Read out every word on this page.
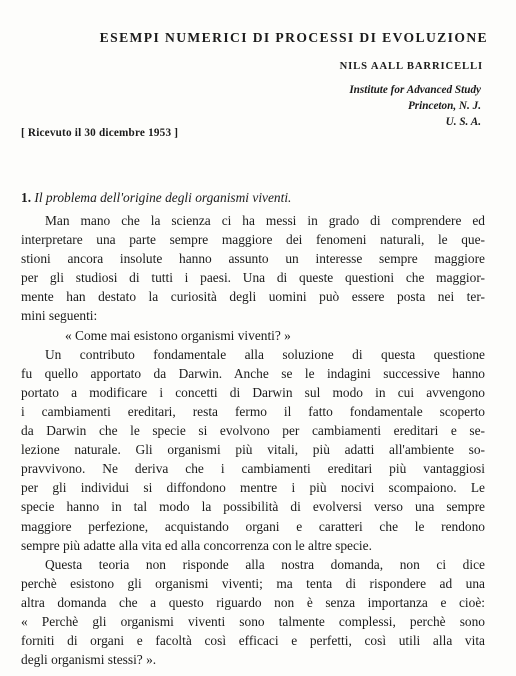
ESEMPI NUMERICI DI PROCESSI DI EVOLUZIONE
NILS AALL BARRICELLI
Institute for Advanced Study
Princeton, N. J.
U. S. A.
[ Ricevuto il 30 dicembre 1953 ]
1. Il problema dell'origine degli organismi viventi.
Man mano che la scienza ci ha messi in grado di comprendere ed
interpretare una parte sempre maggiore dei fenomeni naturali, le que-
stioni ancora insolute hanno assunto un interesse sempre maggiore
per gli studiosi di tutti i paesi. Una di queste questioni che maggior-
mente han destato la curiosità degli uomini può essere posta nei ter-
mini seguenti:
« Come mai esistono organismi viventi? »
Un contributo fondamentale alla soluzione di questa questione
fu quello apportato da Darwin. Anche se le indagini successive hanno
portato a modificare i concetti di Darwin sul modo in cui avvengono
i cambiamenti ereditari, resta fermo il fatto fondamentale scoperto
da Darwin che le specie si evolvono per cambiamenti ereditari e se-
lezione naturale. Gli organismi più vitali, più adatti all'ambiente so-
pravvivono. Ne deriva che i cambiamenti ereditari più vantaggiosi
per gli individui si diffondono mentre i più nocivi scompaiono. Le
specie hanno in tal modo la possibilità di evolversi verso una sempre
maggiore perfezione, acquistando organi e caratteri che le rendono
sempre più adatte alla vita ed alla concorrenza con le altre specie.
Questa teoria non risponde alla nostra domanda, non ci dice
perchè esistono gli organismi viventi; ma tenta di rispondere ad una
altra domanda che a questo riguardo non è senza importanza e cioè:
« Perchè gli organismi viventi sono talmente complessi, perchè sono
forniti di organi e facoltà così efficaci e perfetti, così utili alla vita
degli organismi stessi? ».
